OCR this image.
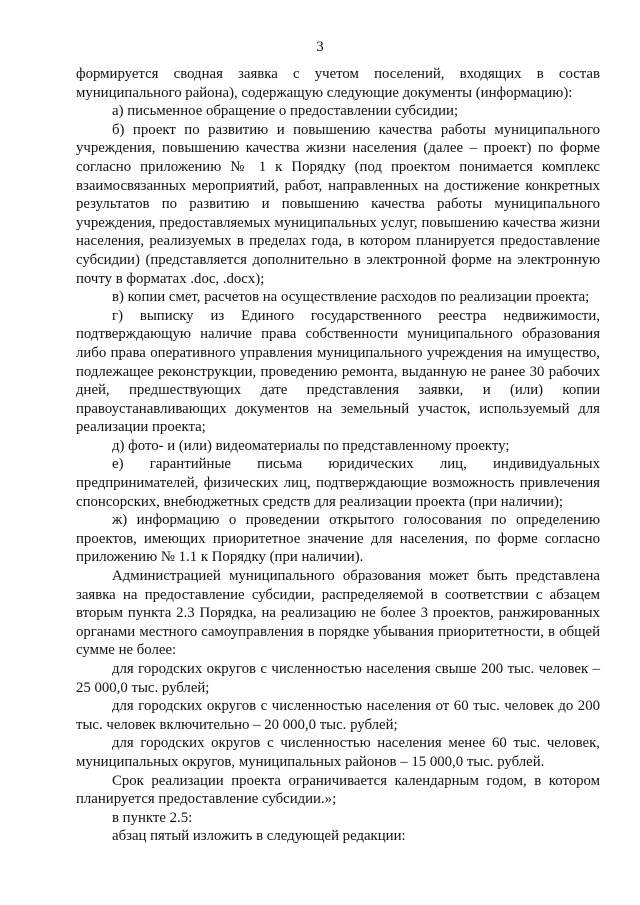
3

формируется сводная заявка с учетом поселений, входящих в состав муниципального района), содержащую следующие документы (информацию):

а) письменное обращение о предоставлении субсидии;

б) проект по развитию и повышению качества работы муниципального учреждения, повышению качества жизни населения (далее – проект) по форме согласно приложению № 1 к Порядку (под проектом понимается комплекс взаимосвязанных мероприятий, работ, направленных на достижение конкретных результатов по развитию и повышению качества работы муниципального учреждения, предоставляемых муниципальных услуг, повышению качества жизни населения, реализуемых в пределах года, в котором планируется предоставление субсидии) (представляется дополнительно в электронной форме на электронную почту в форматах .doc, .docx);

в) копии смет, расчетов на осуществление расходов по реализации проекта;

г) выписку из Единого государственного реестра недвижимости, подтверждающую наличие права собственности муниципального образования либо права оперативного управления муниципального учреждения на имущество, подлежащее реконструкции, проведению ремонта, выданную не ранее 30 рабочих дней, предшествующих дате представления заявки, и (или) копии правоустанавливающих документов на земельный участок, используемый для реализации проекта;

д) фото- и (или) видеоматериалы по представленному проекту;

е) гарантийные письма юридических лиц, индивидуальных предпринимателей, физических лиц, подтверждающие возможность привлечения спонсорских, внебюджетных средств для реализации проекта (при наличии);

ж) информацию о проведении открытого голосования по определению проектов, имеющих приоритетное значение для населения, по форме согласно приложению № 1.1 к Порядку (при наличии).

Администрацией муниципального образования может быть представлена заявка на предоставление субсидии, распределяемой в соответствии с абзацем вторым пункта 2.3 Порядка, на реализацию не более 3 проектов, ранжированных органами местного самоуправления в порядке убывания приоритетности, в общей сумме не более:

для городских округов с численностью населения свыше 200 тыс. человек – 25 000,0 тыс. рублей;

для городских округов с численностью населения от 60 тыс. человек до 200 тыс. человек включительно – 20 000,0 тыс. рублей;

для городских округов с численностью населения менее 60 тыс. человек, муниципальных округов, муниципальных районов – 15 000,0 тыс. рублей.

Срок реализации проекта ограничивается календарным годом, в котором планируется предоставление субсидии.»;

в пункте 2.5:

абзац пятый изложить в следующей редакции:
